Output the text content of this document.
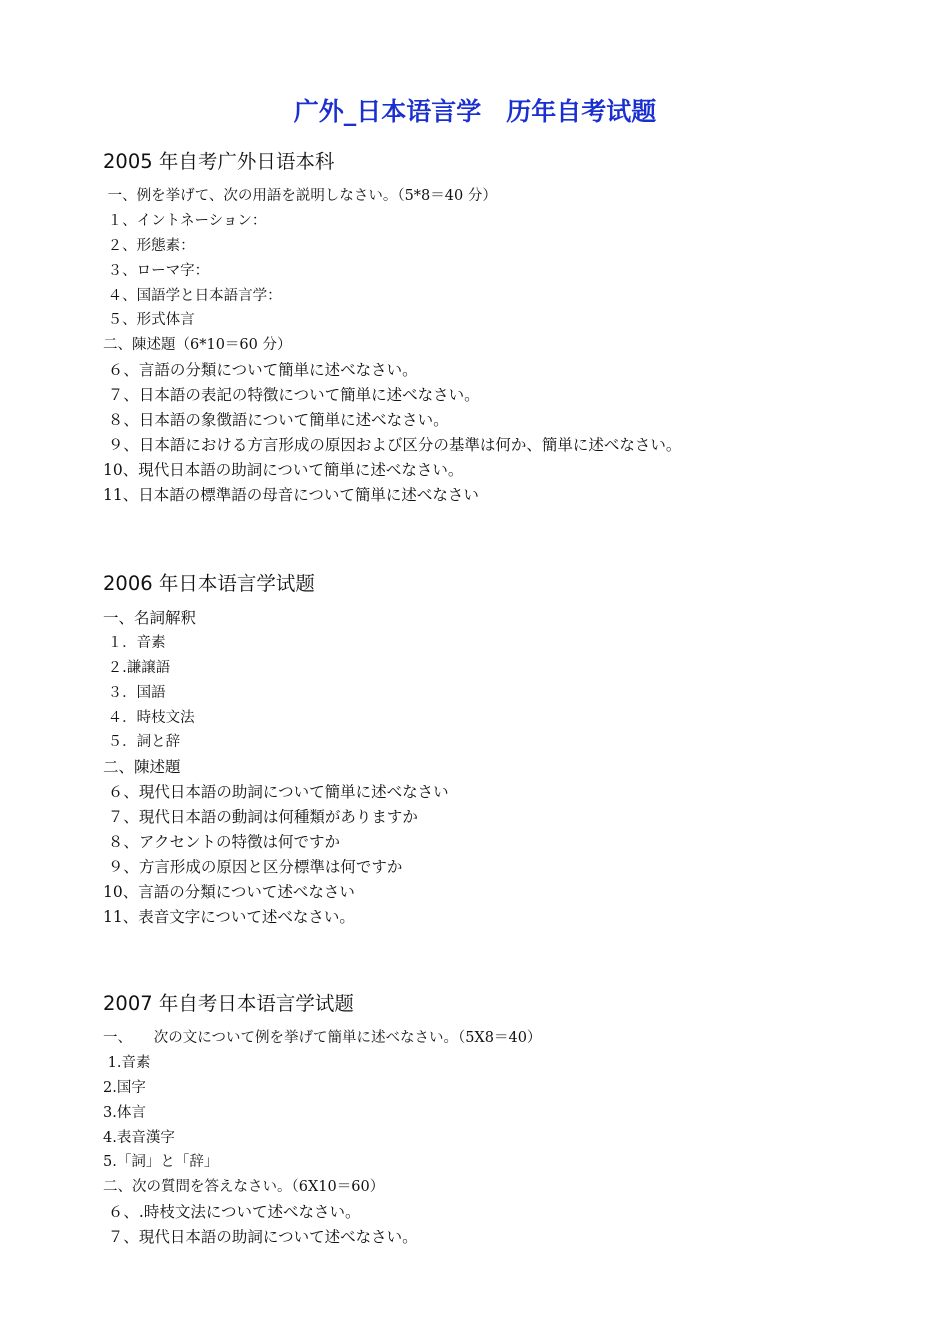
广外_日本语言学　历年自考试题
2005 年自考广外日语本科
一、例を挙げて、次の用語を説明しなさい。（5*8＝40 分）
１、イントネーション：
２、形態素：
３、ローマ字：
４、国語学と日本語言学：
５、形式体言
二、陳述題（6*10＝60 分）
６、言語の分類について簡単に述べなさい。
７、日本語の表記の特徴について簡単に述べなさい。
８、日本語の象徴語について簡単に述べなさい。
９、日本語における方言形成の原因および区分の基準は何か、簡単に述べなさい。
10、現代日本語の助詞について簡単に述べなさい。
11、日本語の標準語の母音について簡単に述べなさい
2006 年日本语言学试题
一、名詞解釈
１．音素
２.謙譲語
３．国語
４．時枝文法
５．詞と辞
二、陳述題
６、現代日本語の助詞について簡単に述べなさい
７、現代日本語の動詞は何種類がありますか
８、アクセントの特徴は何ですか
９、方言形成の原因と区分標準は何ですか
10、言語の分類について述べなさい
11、表音文字について述べなさい。
2007 年自考日本语言学试题
一、　　次の文について例を挙げて簡単に述べなさい。（5X8＝40）
1.音素
2.国字
3.体言
4.表音漢字
5.「詞」と「辞」
二、次の質問を答えなさい。（6X10＝60）
６、.時枝文法について述べなさい。
７、現代日本語の助詞について述べなさい。
